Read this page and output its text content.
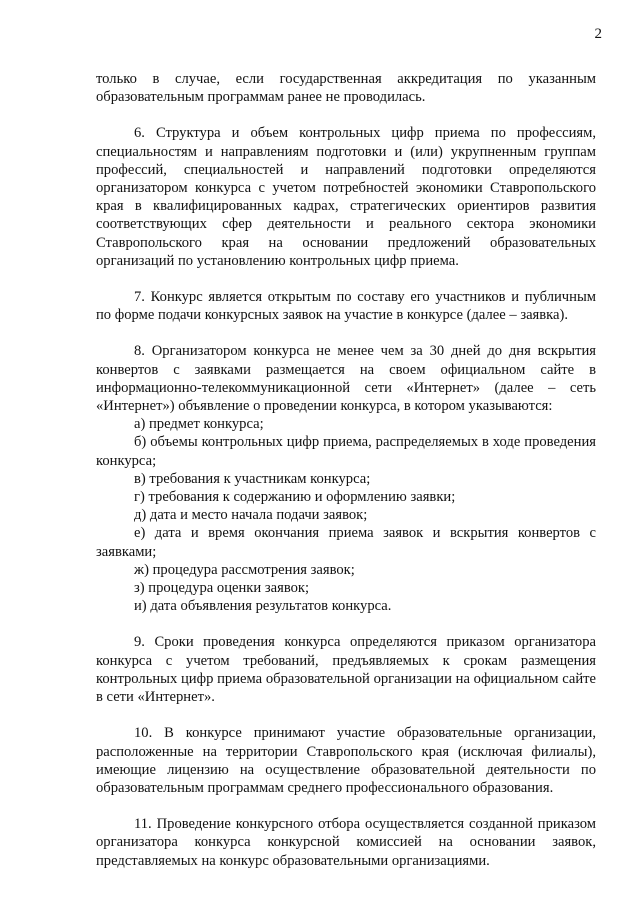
2

только в случае, если государственная аккредитация по указанным образовательным программам ранее не проводилась.

6. Структура и объем контрольных цифр приема по профессиям, специальностям и направлениям подготовки и (или) укрупненным группам профессий, специальностей и направлений подготовки определяются организатором конкурса с учетом потребностей экономики Ставропольского края в квалифицированных кадрах, стратегических ориентиров развития соответствующих сфер деятельности и реального сектора экономики Ставропольского края на основании предложений образовательных организаций по установлению контрольных цифр приема.

7. Конкурс является открытым по составу его участников и публичным по форме подачи конкурсных заявок на участие в конкурсе (далее – заявка).

8. Организатором конкурса не менее чем за 30 дней до дня вскрытия конвертов с заявками размещается на своем официальном сайте в информационно-телекоммуникационной сети «Интернет» (далее – сеть «Интернет») объявление о проведении конкурса, в котором указываются:

а) предмет конкурса;

б) объемы контрольных цифр приема, распределяемых в ходе проведения конкурса;

в) требования к участникам конкурса;

г) требования к содержанию и оформлению заявки;

д) дата и место начала подачи заявок;

е) дата и время окончания приема заявок и вскрытия конвертов с заявками;

ж) процедура рассмотрения заявок;

з) процедура оценки заявок;

и) дата объявления результатов конкурса.

9. Сроки проведения конкурса определяются приказом организатора конкурса с учетом требований, предъявляемых к срокам размещения контрольных цифр приема образовательной организации на официальном сайте в сети «Интернет».

10. В конкурсе принимают участие образовательные организации, расположенные на территории Ставропольского края (исключая филиалы), имеющие лицензию на осуществление образовательной деятельности по образовательным программам среднего профессионального образования.

11. Проведение конкурсного отбора осуществляется созданной приказом организатора конкурса конкурсной комиссией на основании заявок, представляемых на конкурс образовательными организациями.
